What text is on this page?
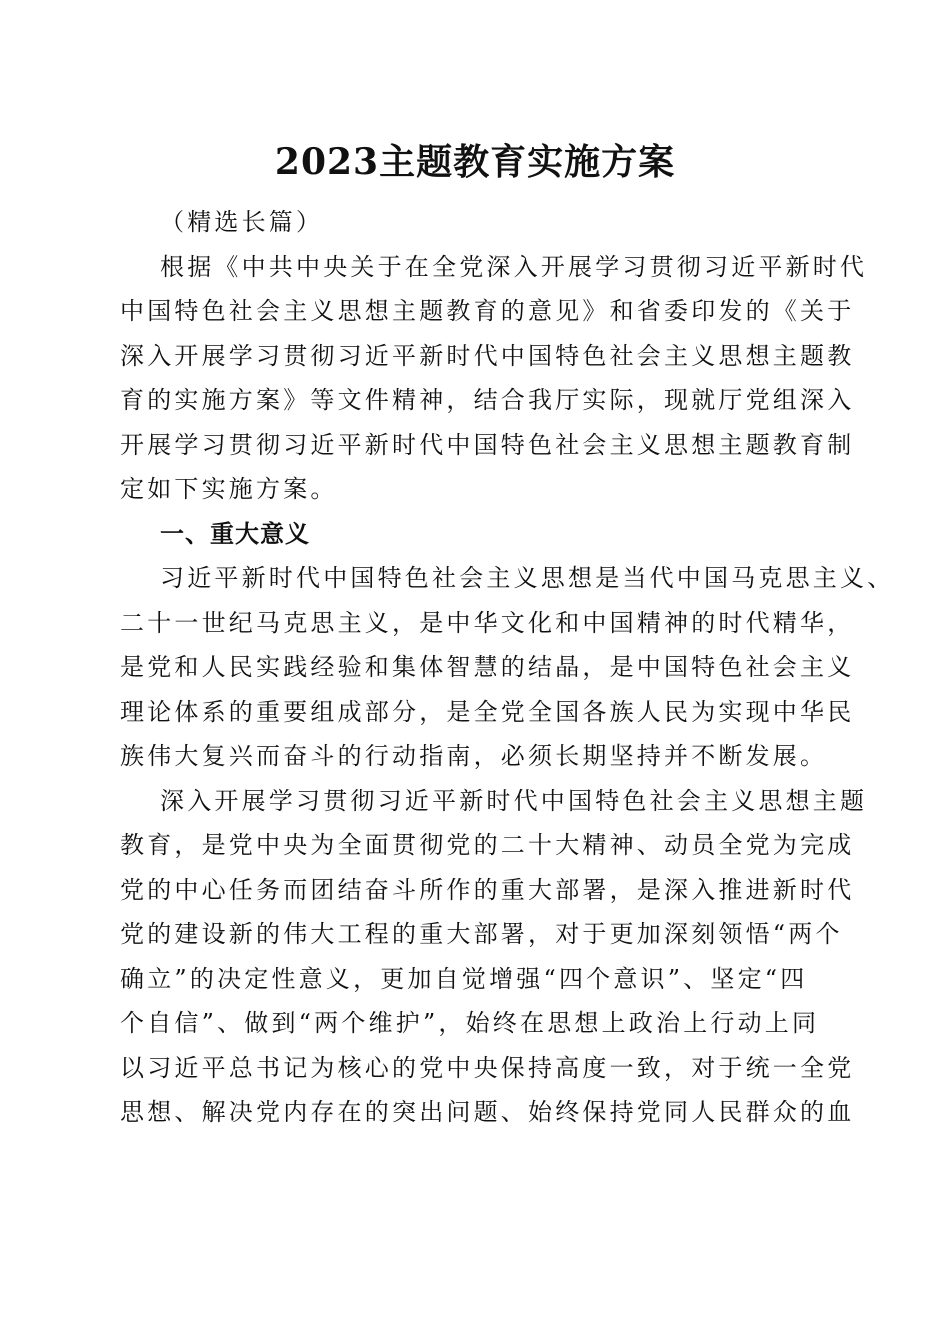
2023主题教育实施方案
（精选长篇）
根据《中共中央关于在全党深入开展学习贯彻习近平新时代
中国特色社会主义思想主题教育的意见》和省委印发的《关于
深入开展学习贯彻习近平新时代中国特色社会主义思想主题教
育的实施方案》等文件精神，结合我厅实际，现就厅党组深入
开展学习贯彻习近平新时代中国特色社会主义思想主题教育制
定如下实施方案。
一、重大意义
习近平新时代中国特色社会主义思想是当代中国马克思主义、
二十一世纪马克思主义，是中华文化和中国精神的时代精华，
是党和人民实践经验和集体智慧的结晶，是中国特色社会主义
理论体系的重要组成部分，是全党全国各族人民为实现中华民
族伟大复兴而奋斗的行动指南，必须长期坚持并不断发展。
深入开展学习贯彻习近平新时代中国特色社会主义思想主题
教育，是党中央为全面贯彻党的二十大精神、动员全党为完成
党的中心任务而团结奋斗所作的重大部署，是深入推进新时代
党的建设新的伟大工程的重大部署，对于更加深刻领悟“两个
确立”的决定性意义，更加自觉增强“四个意识”、坚定“四
个自信”、做到“两个维护”，始终在思想上政治上行动上同
以习近平总书记为核心的党中央保持高度一致，对于统一全党
思想、解决党内存在的突出问题、始终保持党同人民群众的血
